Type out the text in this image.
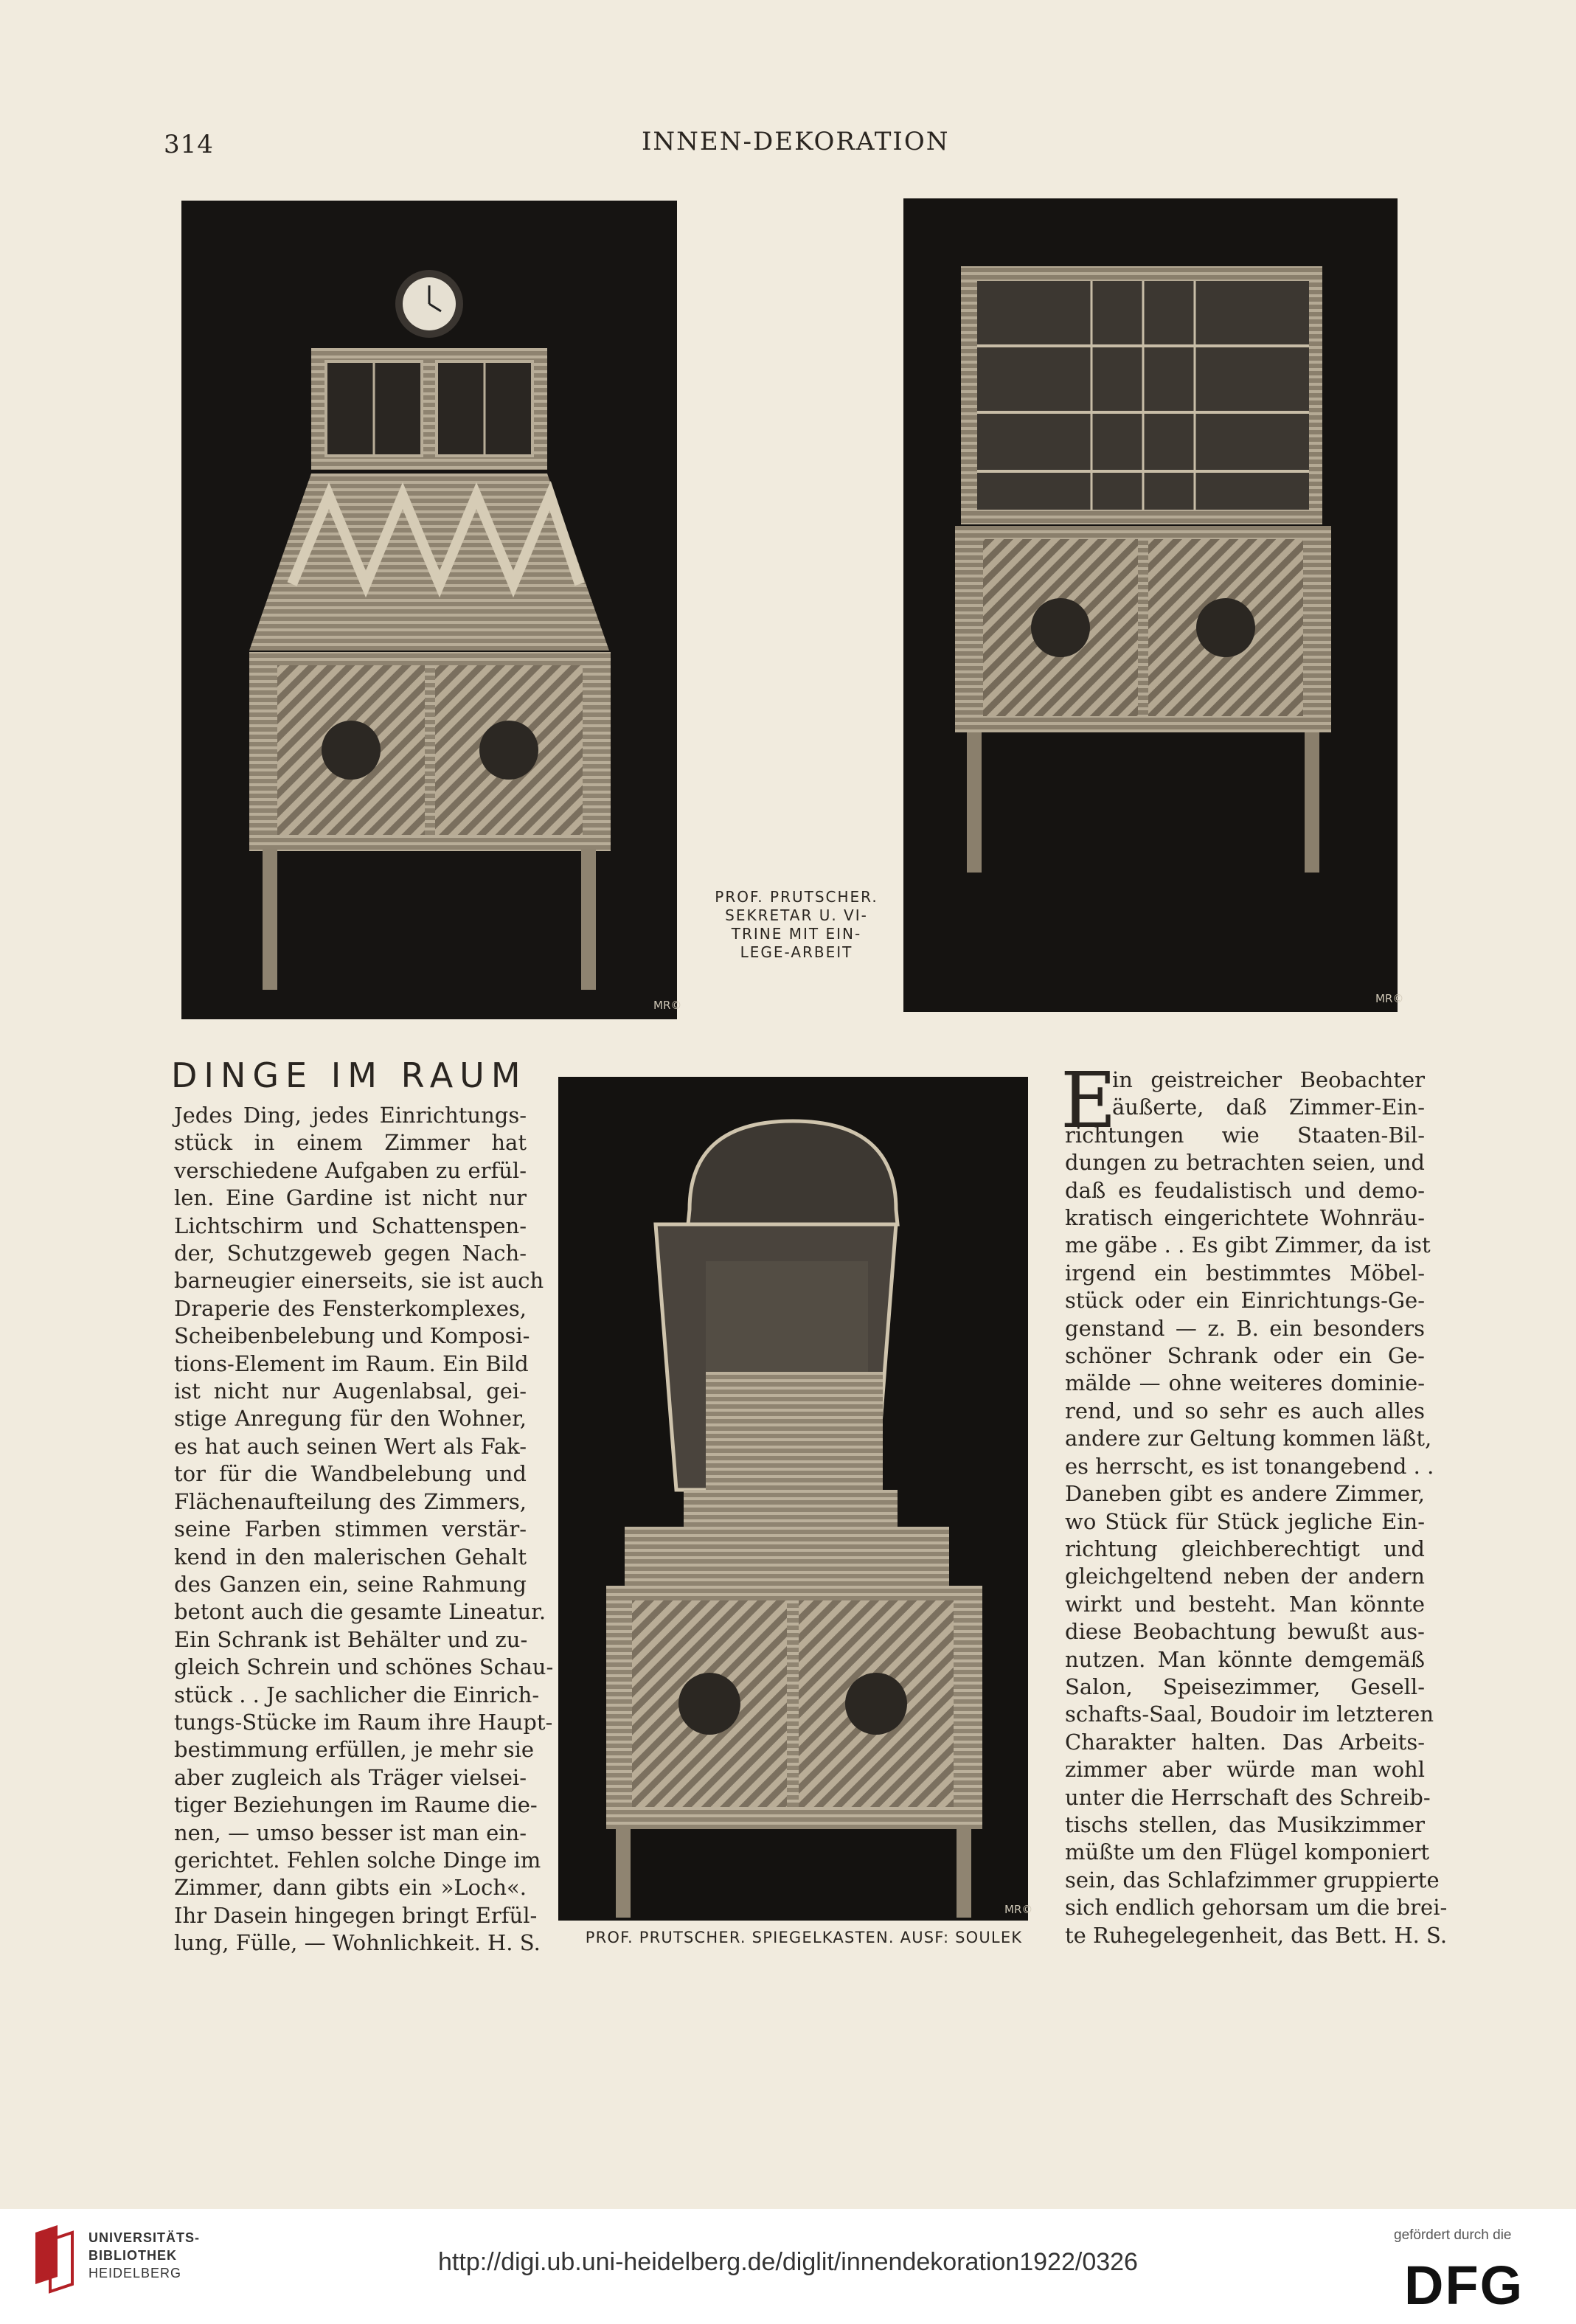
314	INNEN-DEKORATION
MR©
PROF. PRUTSCHER.
SEKRETAR U. VI-
TRINE MIT EIN-
LEGE-ARBEIT
MR©
DINGE IM RAUM
Jedes Ding, jedes Einrichtungs-
stück in einem Zimmer hat
verschiedene Aufgaben zu erfül-
len. Eine Gardine ist nicht nur
Lichtschirm und Schattenspen-
der, Schutzgeweb gegen Nach-
barneugier einerseits, sie ist auch
Draperie des Fensterkomplexes,
Scheibenbelebung und Komposi-
tions-Element im Raum. Ein Bild
ist nicht nur Augenlabsal, gei-
stige Anregung für den Wohner,
es hat auch seinen Wert als Fak-
tor für die Wandbelebung und
Flächenaufteilung des Zimmers,
seine Farben stimmen verstär-
kend in den malerischen Gehalt
des Ganzen ein, seine Rahmung
betont auch die gesamte Lineatur.
Ein Schrank ist Behälter und zu-
gleich Schrein und schönes Schau-
stück . . Je sachlicher die Einrich-
tungs-Stücke im Raum ihre Haupt-
bestimmung erfüllen, je mehr sie
aber zugleich als Träger vielsei-
tiger Beziehungen im Raume die-
nen, — umso besser ist man ein-
gerichtet. Fehlen solche Dinge im
Zimmer, dann gibts ein »Loch«.
Ihr Dasein hingegen bringt Erfül-
lung, Fülle, — Wohnlichkeit. H. S.
MR©
PROF. PRUTSCHER. SPIEGELKASTEN. AUSF: SOULEK
E
in geistreicher Beobachter
äußerte, daß Zimmer-Ein-
richtungen wie Staaten-Bil-
dungen zu betrachten seien, und
daß es feudalistisch und demo-
kratisch eingerichtete Wohnräu-
me gäbe . . Es gibt Zimmer, da ist
irgend ein bestimmtes Möbel-
stück oder ein Einrichtungs-Ge-
genstand — z. B. ein besonders
schöner Schrank oder ein Ge-
mälde — ohne weiteres dominie-
rend, und so sehr es auch alles
andere zur Geltung kommen läßt,
es herrscht, es ist tonangebend . .
Daneben gibt es andere Zimmer,
wo Stück für Stück jegliche Ein-
richtung gleichberechtigt und
gleichgeltend neben der andern
wirkt und besteht. Man könnte
diese Beobachtung bewußt aus-
nutzen. Man könnte demgemäß
Salon, Speisezimmer, Gesell-
schafts-Saal, Boudoir im letzteren
Charakter halten. Das Arbeits-
zimmer aber würde man wohl
unter die Herrschaft des Schreib-
tischs stellen, das Musikzimmer
müßte um den Flügel komponiert
sein, das Schlafzimmer gruppierte
sich endlich gehorsam um die brei-
te Ruhegelegenheit, das Bett. H. S.
UNIVERSITÄTS-
BIBLIOTHEK
HEIDELBERG	http://digi.ub.uni-heidelberg.de/diglit/innendekoration1922/0326
gefördert durch die
DFG
